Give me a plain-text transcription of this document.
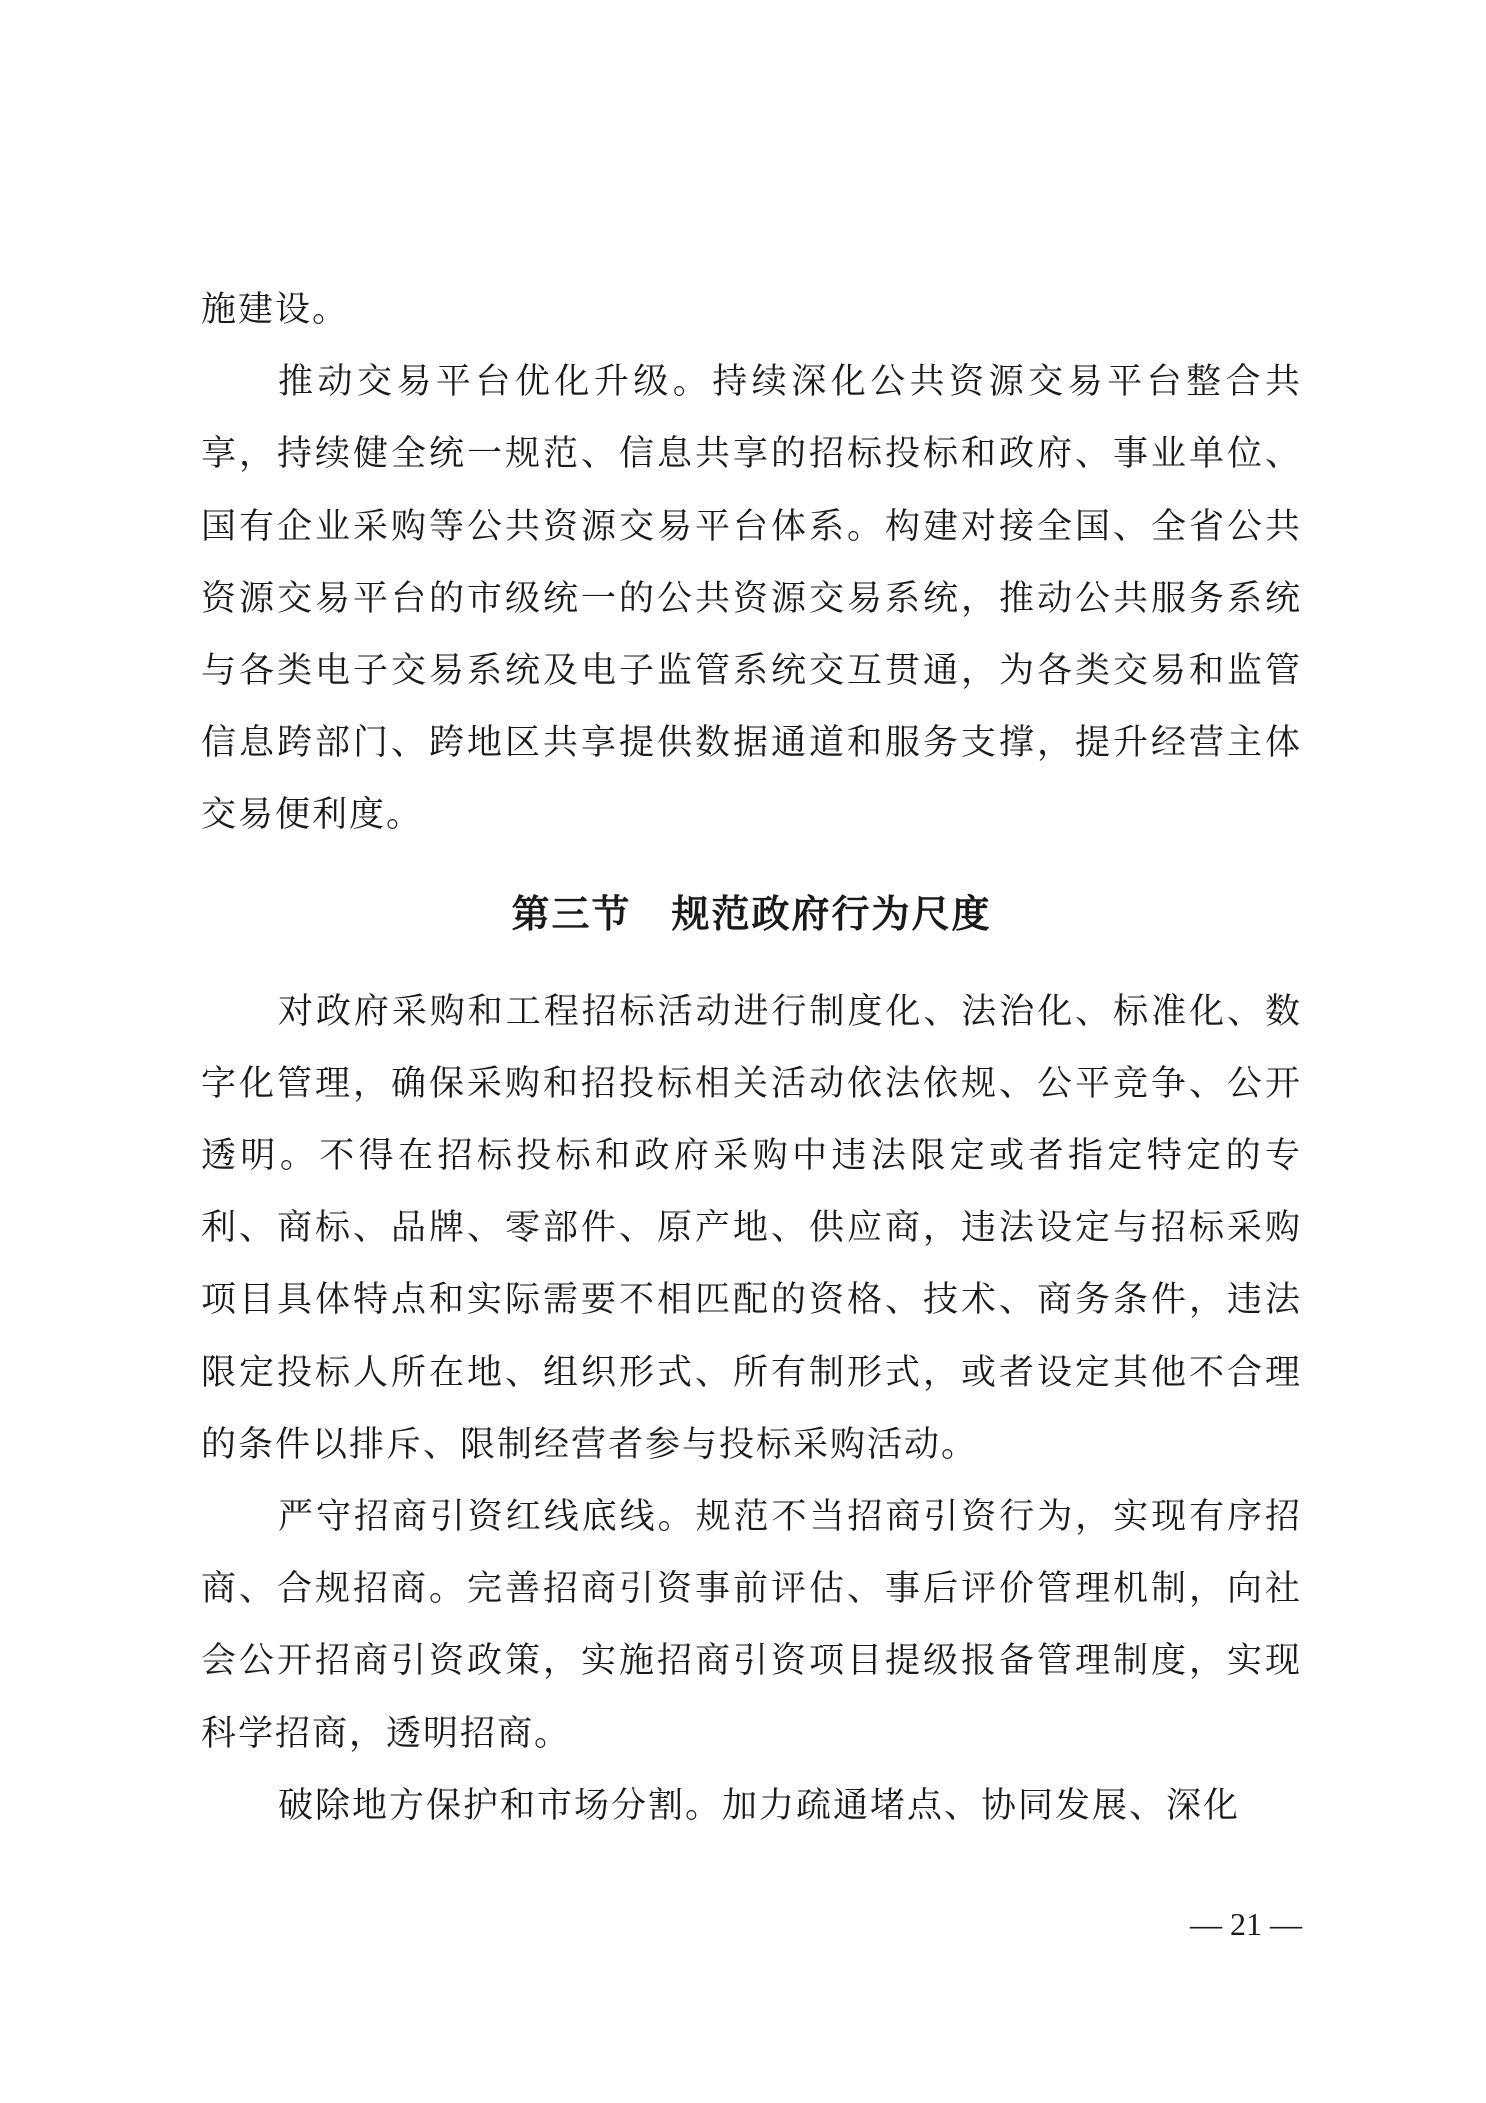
施建设。

推动交易平台优化升级。持续深化公共资源交易平台整合共享，持续健全统一规范、信息共享的招标投标和政府、事业单位、国有企业采购等公共资源交易平台体系。构建对接全国、全省公共资源交易平台的市级统一的公共资源交易系统，推动公共服务系统与各类电子交易系统及电子监管系统交互贯通，为各类交易和监管信息跨部门、跨地区共享提供数据通道和服务支撑，提升经营主体交易便利度。

第三节　规范政府行为尺度

对政府采购和工程招标活动进行制度化、法治化、标准化、数字化管理，确保采购和招投标相关活动依法依规、公平竞争、公开透明。不得在招标投标和政府采购中违法限定或者指定特定的专利、商标、品牌、零部件、原产地、供应商，违法设定与招标采购项目具体特点和实际需要不相匹配的资格、技术、商务条件，违法限定投标人所在地、组织形式、所有制形式，或者设定其他不合理的条件以排斥、限制经营者参与投标采购活动。

严守招商引资红线底线。规范不当招商引资行为，实现有序招商、合规招商。完善招商引资事前评估、事后评价管理机制，向社会公开招商引资政策，实施招商引资项目提级报备管理制度，实现科学招商，透明招商。

破除地方保护和市场分割。加力疏通堵点、协同发展、深化

— 21 —
